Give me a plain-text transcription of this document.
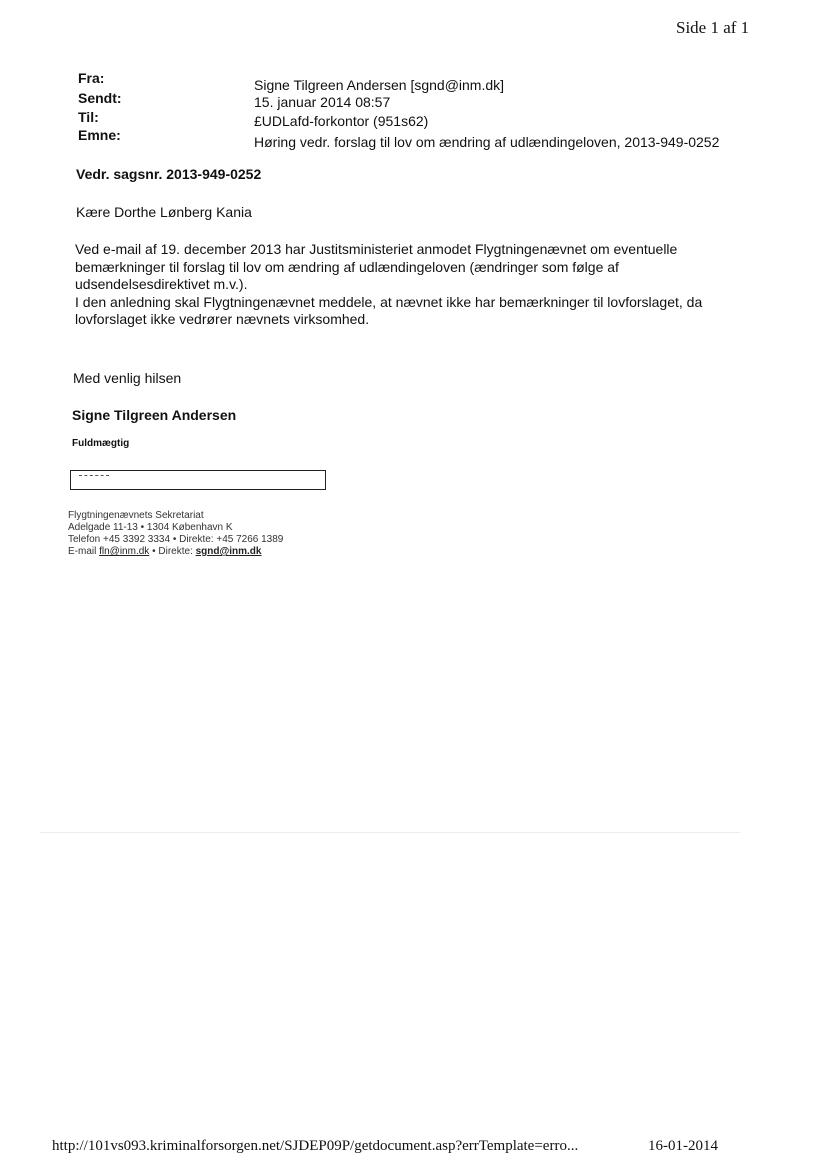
Side 1 af 1
Fra:	Signe Tilgreen Andersen [sgnd@inm.dk]
Sendt:	15. januar 2014 08:57
Til:	£UDLafd-forkontor (951s62)
Emne:	Høring vedr. forslag til lov om ændring af udlændingeloven, 2013-949-0252
Vedr. sagsnr. 2013-949-0252
Kære Dorthe Lønberg Kania

Ved e-mail af 19. december 2013 har Justitsministeriet anmodet Flygtningenævnet om eventuelle bemærkninger til forslag til lov om ændring af udlændingeloven (ændringer som følge af udsendelsesdirektivet m.v.).

I den anledning skal Flygtningenævnet meddele, at nævnet ikke har bemærkninger til lovforslaget, da lovforslaget ikke vedrører nævnets virksomhed.

Med venlig hilsen
Signe Tilgreen Andersen
Fuldmægtig
Flygtningenævnets Sekretariat
Adelgade 11-13 • 1304 København K
Telefon +45 3392 3334 • Direkte: +45 7266 1389
E-mail fln@inm.dk • Direkte: sgnd@inm.dk
http://101vs093.kriminalforsorgen.net/SJDEP09P/getdocument.asp?errTemplate=erro...	16-01-2014
